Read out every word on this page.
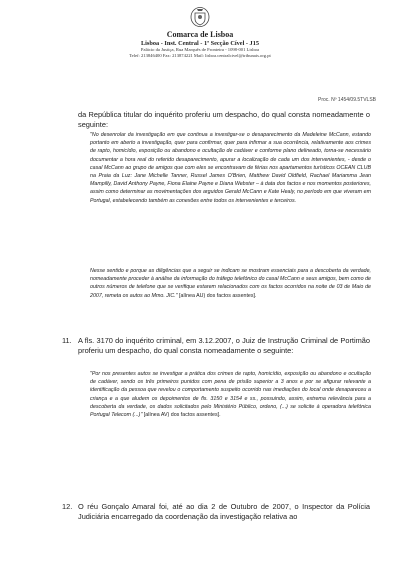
Comarca de Lisboa
Lisboa - Inst. Central - 1ª Secção Cível - J15
Palácio da Justiça, Rua Marquês de Fronteira - 1098-001 Lisboa
Telef: 213846400 Fax: 213874221 Mail: lisboa.centralcivel@tribunais.org.pt
Proc. Nº 1454/09.5TVLSB
da República titular do inquérito proferiu um despacho, do qual consta nomeadamente o seguinte:
"No desenrolar da investigação em que continua a investigar-se o desaparecimento da Madeleine McCann, estando portanto em aberto a investigação, quer para confirmar, quer para infirmar a sua ocorrência, relativamente aos crimes de rapto, homicídio, exposição ou abandono e ocultação de cadáver e conforme plano delineado, torna-se necessário documentar a hora real do referido desaparecimento, apurar a localização de cada um dos intervenientes, - desde o casal McCann ao grupo de amigos que com eles se encontravam de férias nos apartamentos turísticos OCEAN CLUB na Praia da Luz: Jane Michelle Tanner, Russel James O'Brien, Matthew David Oldfield, Rachael Mariamma Jean Mampilly, David Anthony Payne, Fiona Elaine Payne e Diana Webster – à data dos factos e nos momentos posteriores, assim como determinar as movimentações dos arguidos Gerald McCann e Kate Healy, no período em que viveram em Portugal, estabelecendo também as conexões entre todos os intervenientes e terceiros.
Nesse sentido e porque as diligências que a seguir se indicam se mostram essenciais para a descoberta da verdade, nomeadamente proceder à análise da informação do tráfego telefónico do casal McCann e seus amigos, bem como de outros números de telefone que se verifique estarem relacionados com os factos ocorridos na noite de 03 de Maio de 2007, remeta os autos ao Mmo. JIC." [alínea AU) dos factos assentes].
11. A fls. 3170 do inquérito criminal, em 3.12.2007, o Juiz de Instrução Criminal de Portimão proferiu um despacho, do qual consta nomeadamente o seguinte:
"Por nos presentes autos se investigar a prática dos crimes de rapto, homicídio, exposição ou abandono e ocultação de cadáver, sendo os três primeiros punidos com pena de prisão superior a 3 anos e por se afigurar relevante a identificação da pessoa que revelou o comportamento suspeito ocorrido nas imediações do local onde desapareceu a criança e a que aludem os depoimentos de fls. 3150 e 3154 e ss., possuindo, assim, extrema relevância para a descoberta da verdade, os dados solicitados pelo Ministério Público, ordeno, (...) se solicite à operadora telefónica Portugal Telecom (...)" [alínea AV) dos factos assentes].
12. O réu Gonçalo Amaral foi, até ao dia 2 de Outubro de 2007, o Inspector da Polícia Judiciária encarregado da coordenação da investigação relativa ao
